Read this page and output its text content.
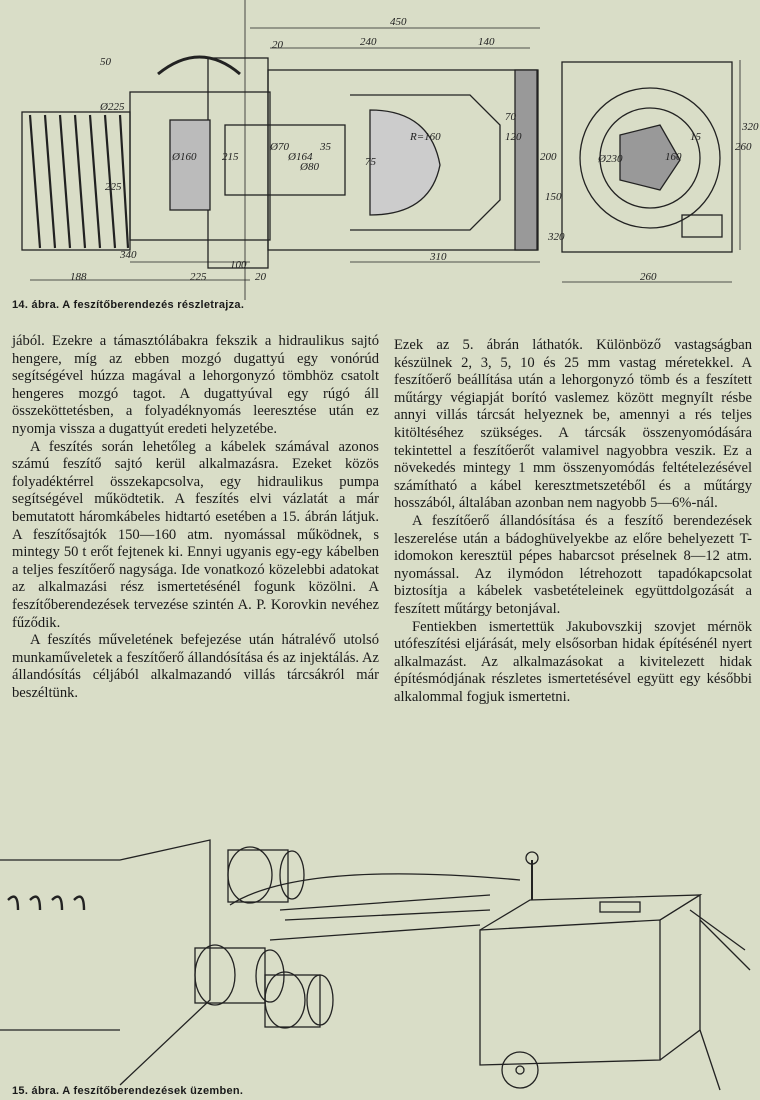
450
240	140
20
50
Ø225
Ø160 215
Ø70
Ø164
Ø80
35
R=160
75
70
120
200
150
320
225
340
100
188	225	20
310
260
Ø230	160
15
260
320
14. ábra. A feszítőberendezés részletrajza.

jából. Ezekre a támasztólábakra fekszik a hidraulikus sajtó hengere, míg az ebben mozgó dugattyú egy vonórúd segítségével húzza magával a lehorgonyzó tömbhöz csatolt hengeres mozgó tagot. A dugattyúval egy rúgó áll összeköttetésben, a folyadéknyomás leeresztése után ez nyomja vissza a dugattyút eredeti helyzetébe.

A feszítés során lehetőleg a kábelek számával azonos számú feszítő sajtó kerül alkalmazásra. Ezeket közös folyadéktérrel összekapcsolva, egy hidraulikus pumpa segítségével működtetik. A feszítés elvi vázlatát a már bemutatott háromkábeles hidtartó esetében a 15. ábrán látjuk. A feszítősajtók 150—160 atm. nyomással működnek, s mintegy 50 t erőt fejtenek ki. Ennyi ugyanis egy-egy kábelben a teljes feszítőerő nagysága. Ide vonatkozó közelebbi adatokat az alkalmazási rész ismertetésénél fogunk közölni. A feszítőberendezések tervezése szintén A. P. Korovkin nevéhez fűződik.

A feszítés műveletének befejezése után hátralévő utolsó munkaműveletek a feszítőerő állandósítása és az injektálás. Az állandósítás céljából alkalmazandó villás tárcsákról már beszéltünk.

Ezek az 5. ábrán láthatók. Különböző vastagságban készülnek 2, 3, 5, 10 és 25 mm vastag méretekkel. A feszítőerő beállítása után a lehorgonyzó tömb és a feszített műtárgy végiapját borító vaslemez között megnyílt résbe annyi villás tárcsát helyeznek be, amennyi a rés teljes kitöltéséhez szükséges. A tárcsák összenyomódására tekintettel a feszítőerőt valamivel nagyobbra veszik. Ez a növekedés mintegy 1 mm összenyomódás feltételezésével számítható a kábel keresztmetszetéből és a műtárgy hosszából, általában azonban nem nagyobb 5—6%-nál.

A feszítőerő állandósítása és a feszítő berendezések leszerelése után a bádoghüvelyekbe az előre behelyezett T-idomokon keresztül pépes habarcsot préselnek 8—12 atm. nyomással. Az ilymódon létrehozott tapadókapcsolat biztosítja a kábelek vasbetételeinek együttdolgozását a feszített műtárgy betonjával.

Fentiekben ismertettük Jakubovszkij szovjet mérnök utófeszítési eljárását, mely elsősorban hidak építésénél nyert alkalmazást. Az alkalmazásokat a kivitelezett hidak építésmódjának részletes ismertetésével együtt egy későbbi alkalommal fogjuk ismertetni.

15. ábra. A feszítőberendezések üzemben.
